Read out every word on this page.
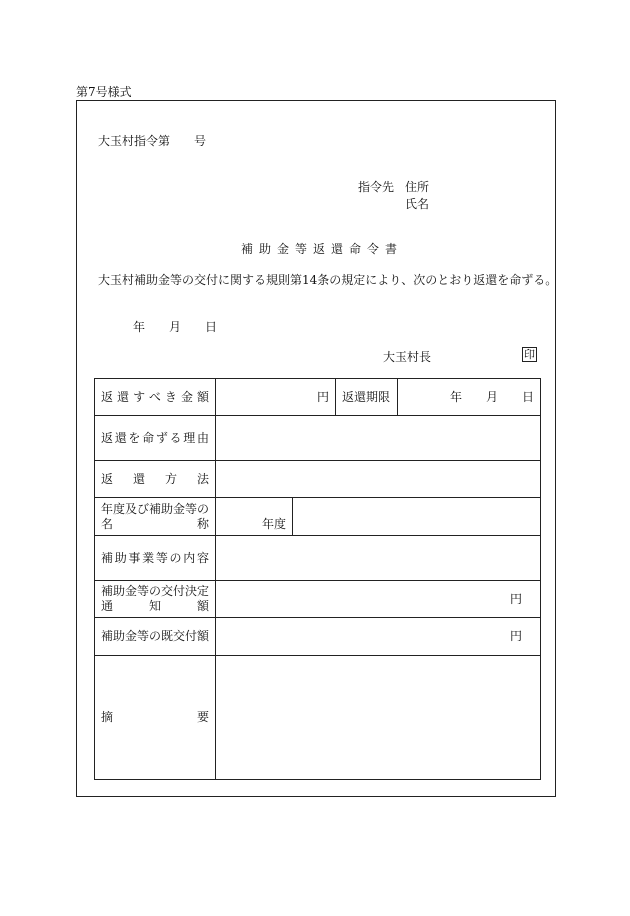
第7号様式
大玉村指令第　　号
指令先 住所
氏名
補助金等返還命令書
大玉村補助金等の交付に関する規則第14条の規定により、次のとおり返還を命ずる。
年　　月　　日
大玉村長	印
返還すべき金額	円		返還期限	年　　月　　日
返還を命ずる理由				
返還方法				

年度及び補助金等の
名称	年度			
補助事業等の内容				

補助金等の交付決定
通知額	円			
補助金等の既交付額	円			
摘要				
